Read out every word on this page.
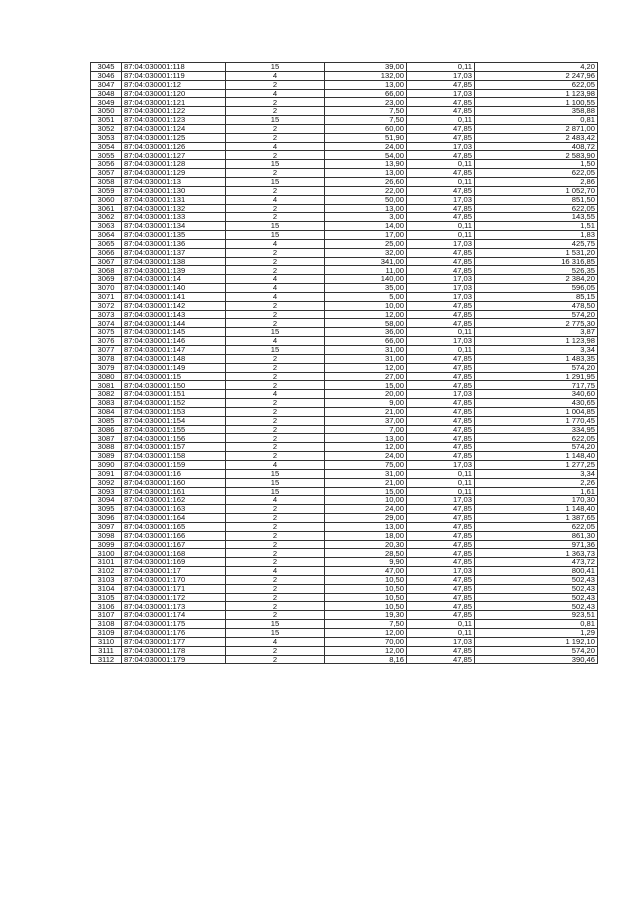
3045	87:04:030001:118	15	39,00	0,11	4,20
3046	87:04:030001:119	4	132,00	17,03	2 247,96
3047	87:04:030001:12	2	13,00	47,85	622,05
3048	87:04:030001:120	4	66,00	17,03	1 123,98
3049	87:04:030001:121	2	23,00	47,85	1 100,55
3050	87:04:030001:122	2	7,50	47,85	358,88
3051	87:04:030001:123	15	7,50	0,11	0,81
3052	87:04:030001:124	2	60,00	47,85	2 871,00
3053	87:04:030001:125	2	51,90	47,85	2 483,42
3054	87:04:030001:126	4	24,00	17,03	408,72
3055	87:04:030001:127	2	54,00	47,85	2 583,90
3056	87:04:030001:128	15	13,90	0,11	1,50
3057	87:04:030001:129	2	13,00	47,85	622,05
3058	87:04:030001:13	15	26,60	0,11	2,86
3059	87:04:030001:130	2	22,00	47,85	1 052,70
3060	87:04:030001:131	4	50,00	17,03	851,50
3061	87:04:030001:132	2	13,00	47,85	622,05
3062	87:04:030001:133	2	3,00	47,85	143,55
3063	87:04:030001:134	15	14,00	0,11	1,51
3064	87:04:030001:135	15	17,00	0,11	1,83
3065	87:04:030001:136	4	25,00	17,03	425,75
3066	87:04:030001:137	2	32,00	47,85	1 531,20
3067	87:04:030001:138	2	341,00	47,85	16 316,85
3068	87:04:030001:139	2	11,00	47,85	526,35
3069	87:04:030001:14	4	140,00	17,03	2 384,20
3070	87:04:030001:140	4	35,00	17,03	596,05
3071	87:04:030001:141	4	5,00	17,03	85,15
3072	87:04:030001:142	2	10,00	47,85	478,50
3073	87:04:030001:143	2	12,00	47,85	574,20
3074	87:04:030001:144	2	58,00	47,85	2 775,30
3075	87:04:030001:145	15	36,00	0,11	3,87
3076	87:04:030001:146	4	66,00	17,03	1 123,98
3077	87:04:030001:147	15	31,00	0,11	3,34
3078	87:04:030001:148	2	31,00	47,85	1 483,35
3079	87:04:030001:149	2	12,00	47,85	574,20
3080	87:04:030001:15	2	27,00	47,85	1 291,95
3081	87:04:030001:150	2	15,00	47,85	717,75
3082	87:04:030001:151	4	20,00	17,03	340,60
3083	87:04:030001:152	2	9,00	47,85	430,65
3084	87:04:030001:153	2	21,00	47,85	1 004,85
3085	87:04:030001:154	2	37,00	47,85	1 770,45
3086	87:04:030001:155	2	7,00	47,85	334,95
3087	87:04:030001:156	2	13,00	47,85	622,05
3088	87:04:030001:157	2	12,00	47,85	574,20
3089	87:04:030001:158	2	24,00	47,85	1 148,40
3090	87:04:030001:159	4	75,00	17,03	1 277,25
3091	87:04:030001:16	15	31,00	0,11	3,34
3092	87:04:030001:160	15	21,00	0,11	2,26
3093	87:04:030001:161	15	15,00	0,11	1,61
3094	87:04:030001:162	4	10,00	17,03	170,30
3095	87:04:030001:163	2	24,00	47,85	1 148,40
3096	87:04:030001:164	2	29,00	47,85	1 387,65
3097	87:04:030001:165	2	13,00	47,85	622,05
3098	87:04:030001:166	2	18,00	47,85	861,30
3099	87:04:030001:167	2	20,30	47,85	971,36
3100	87:04:030001:168	2	28,50	47,85	1 363,73
3101	87:04:030001:169	2	9,90	47,85	473,72
3102	87:04:030001:17	4	47,00	17,03	800,41
3103	87:04:030001:170	2	10,50	47,85	502,43
3104	87:04:030001:171	2	10,50	47,85	502,43
3105	87:04:030001:172	2	10,50	47,85	502,43
3106	87:04:030001:173	2	10,50	47,85	502,43
3107	87:04:030001:174	2	19,30	47,85	923,51
3108	87:04:030001:175	15	7,50	0,11	0,81
3109	87:04:030001:176	15	12,00	0,11	1,29
3110	87:04:030001:177	4	70,00	17,03	1 192,10
3111	87:04:030001:178	2	12,00	47,85	574,20
3112	87:04:030001:179	2	8,16	47,85	390,46
